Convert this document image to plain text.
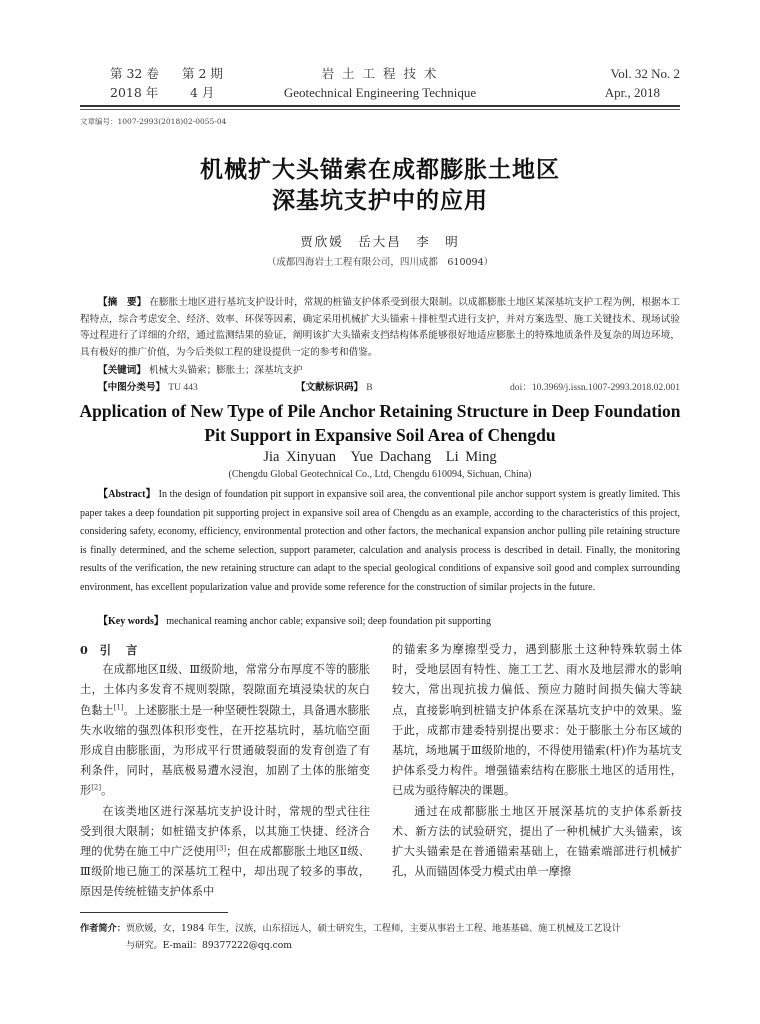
第 32 卷 第 2 期
2018 年	4 月
岩 土 工 程 技 术
Geotechnical Engineering Technique
Vol. 32 No. 2
Apr., 2018
文章编号：1007-2993(2018)02-0055-04
机械扩大头锚索在成都膨胀土地区
深基坑支护中的应用
贾欣媛　岳大昌　李　明
（成都四海岩土工程有限公司，四川成都　610094）
【摘　要】 在膨胀土地区进行基坑支护设计时，常规的桩锚支护体系受到很大限制。以成都膨胀土地区某深基坑支护工程为例，根据本工程特点，综合考虑安全、经济、效率、环保等因素，确定采用机械扩大头锚索＋排桩型式进行支护，并对方案选型、施工关键技术、现场试验等过程进行了详细的介绍，通过监测结果的验证，阐明该扩大头锚索支挡结构体系能够很好地适应膨胀土的特殊地质条件及复杂的周边环境，具有极好的推广价值，为今后类似工程的建设提供一定的参考和借鉴。
【关键词】 机械大头锚索；膨胀土；深基坑支护
【中图分类号】 TU 443	【文献标识码】 B	doi：10.3969/j.issn.1007-2993.2018.02.001
Application of New Type of Pile Anchor Retaining Structure in Deep Foundation
Pit Support in Expansive Soil Area of Chengdu
Jia Xinyuan　Yue Dachang　Li Ming
(Chengdu Global Geotechnical Co., Ltd, Chengdu 610094, Sichuan, China)
【Abstract】 In the design of foundation pit support in expansive soil area, the conventional pile anchor support system is greatly limited. This paper takes a deep foundation pit supporting project in expansive soil area of Chengdu as an example, according to the characteristics of this project, considering safety, economy, efficiency, environmental protection and other factors, the mechanical expansion anchor pulling pile retaining structure is finally determined, and the scheme selection, support parameter, calculation and analysis process is described in detail. Finally, the monitoring results of the verification, the new retaining structure can adapt to the special geological conditions of expansive soil good and complex surrounding environment, has excellent popularization value and provide some reference for the construction of similar projects in the future.
【Key words】 mechanical reaming anchor cable; expansive soil; deep foundation pit supporting
0 引　言

在成都地区Ⅱ级、Ⅲ级阶地，常常分布厚度不等的膨胀土，土体内多发育不规则裂隙，裂隙面充填浸染状的灰白色黏土[1]。上述膨胀土是一种坚硬性裂隙土，具备遇水膨胀失水收缩的强烈体积形变性，在开挖基坑时，基坑临空面形成自由膨胀面，为形成平行贯通破裂面的发育创造了有利条件，同时，基底极易遭水浸泡，加剧了土体的胀缩变形[2]。

在该类地区进行深基坑支护设计时，常规的型式往往受到很大限制；如桩锚支护体系，以其施工快捷、经济合理的优势在施工中广泛使用[3]；但在成都膨胀土地区Ⅱ级、Ⅲ级阶地已施工的深基坑工程中，却出现了较多的事故，原因是传统桩锚支护体系中

的锚索多为摩擦型受力，遇到膨胀土这种特殊软弱土体时，受地层固有特性、施工工艺、雨水及地层滞水的影响较大，常出现抗拔力偏低、预应力随时间损失偏大等缺点，直接影响到桩锚支护体系在深基坑支护中的效果。鉴于此，成都市建委特别提出要求：处于膨胀土分布区域的基坑，场地属于Ⅲ级阶地的，不得使用锚索(杆)作为基坑支护体系受力构件。增强锚索结构在膨胀土地区的适用性，已成为亟待解决的课题。

通过在成都膨胀土地区开展深基坑的支护体系新技术、新方法的试验研究，提出了一种机械扩大头锚索，该扩大头锚索是在普通锚索基础上，在锚索端部进行机械扩孔，从而锚固体受力模式由单一摩擦

作者简介：贾欣媛，女，1984 年生，汉族，山东招远人，硕士研究生，工程师，主要从事岩土工程、地基基础、施工机械及工艺设计
与研究。E-mail：89377222@qq.com
